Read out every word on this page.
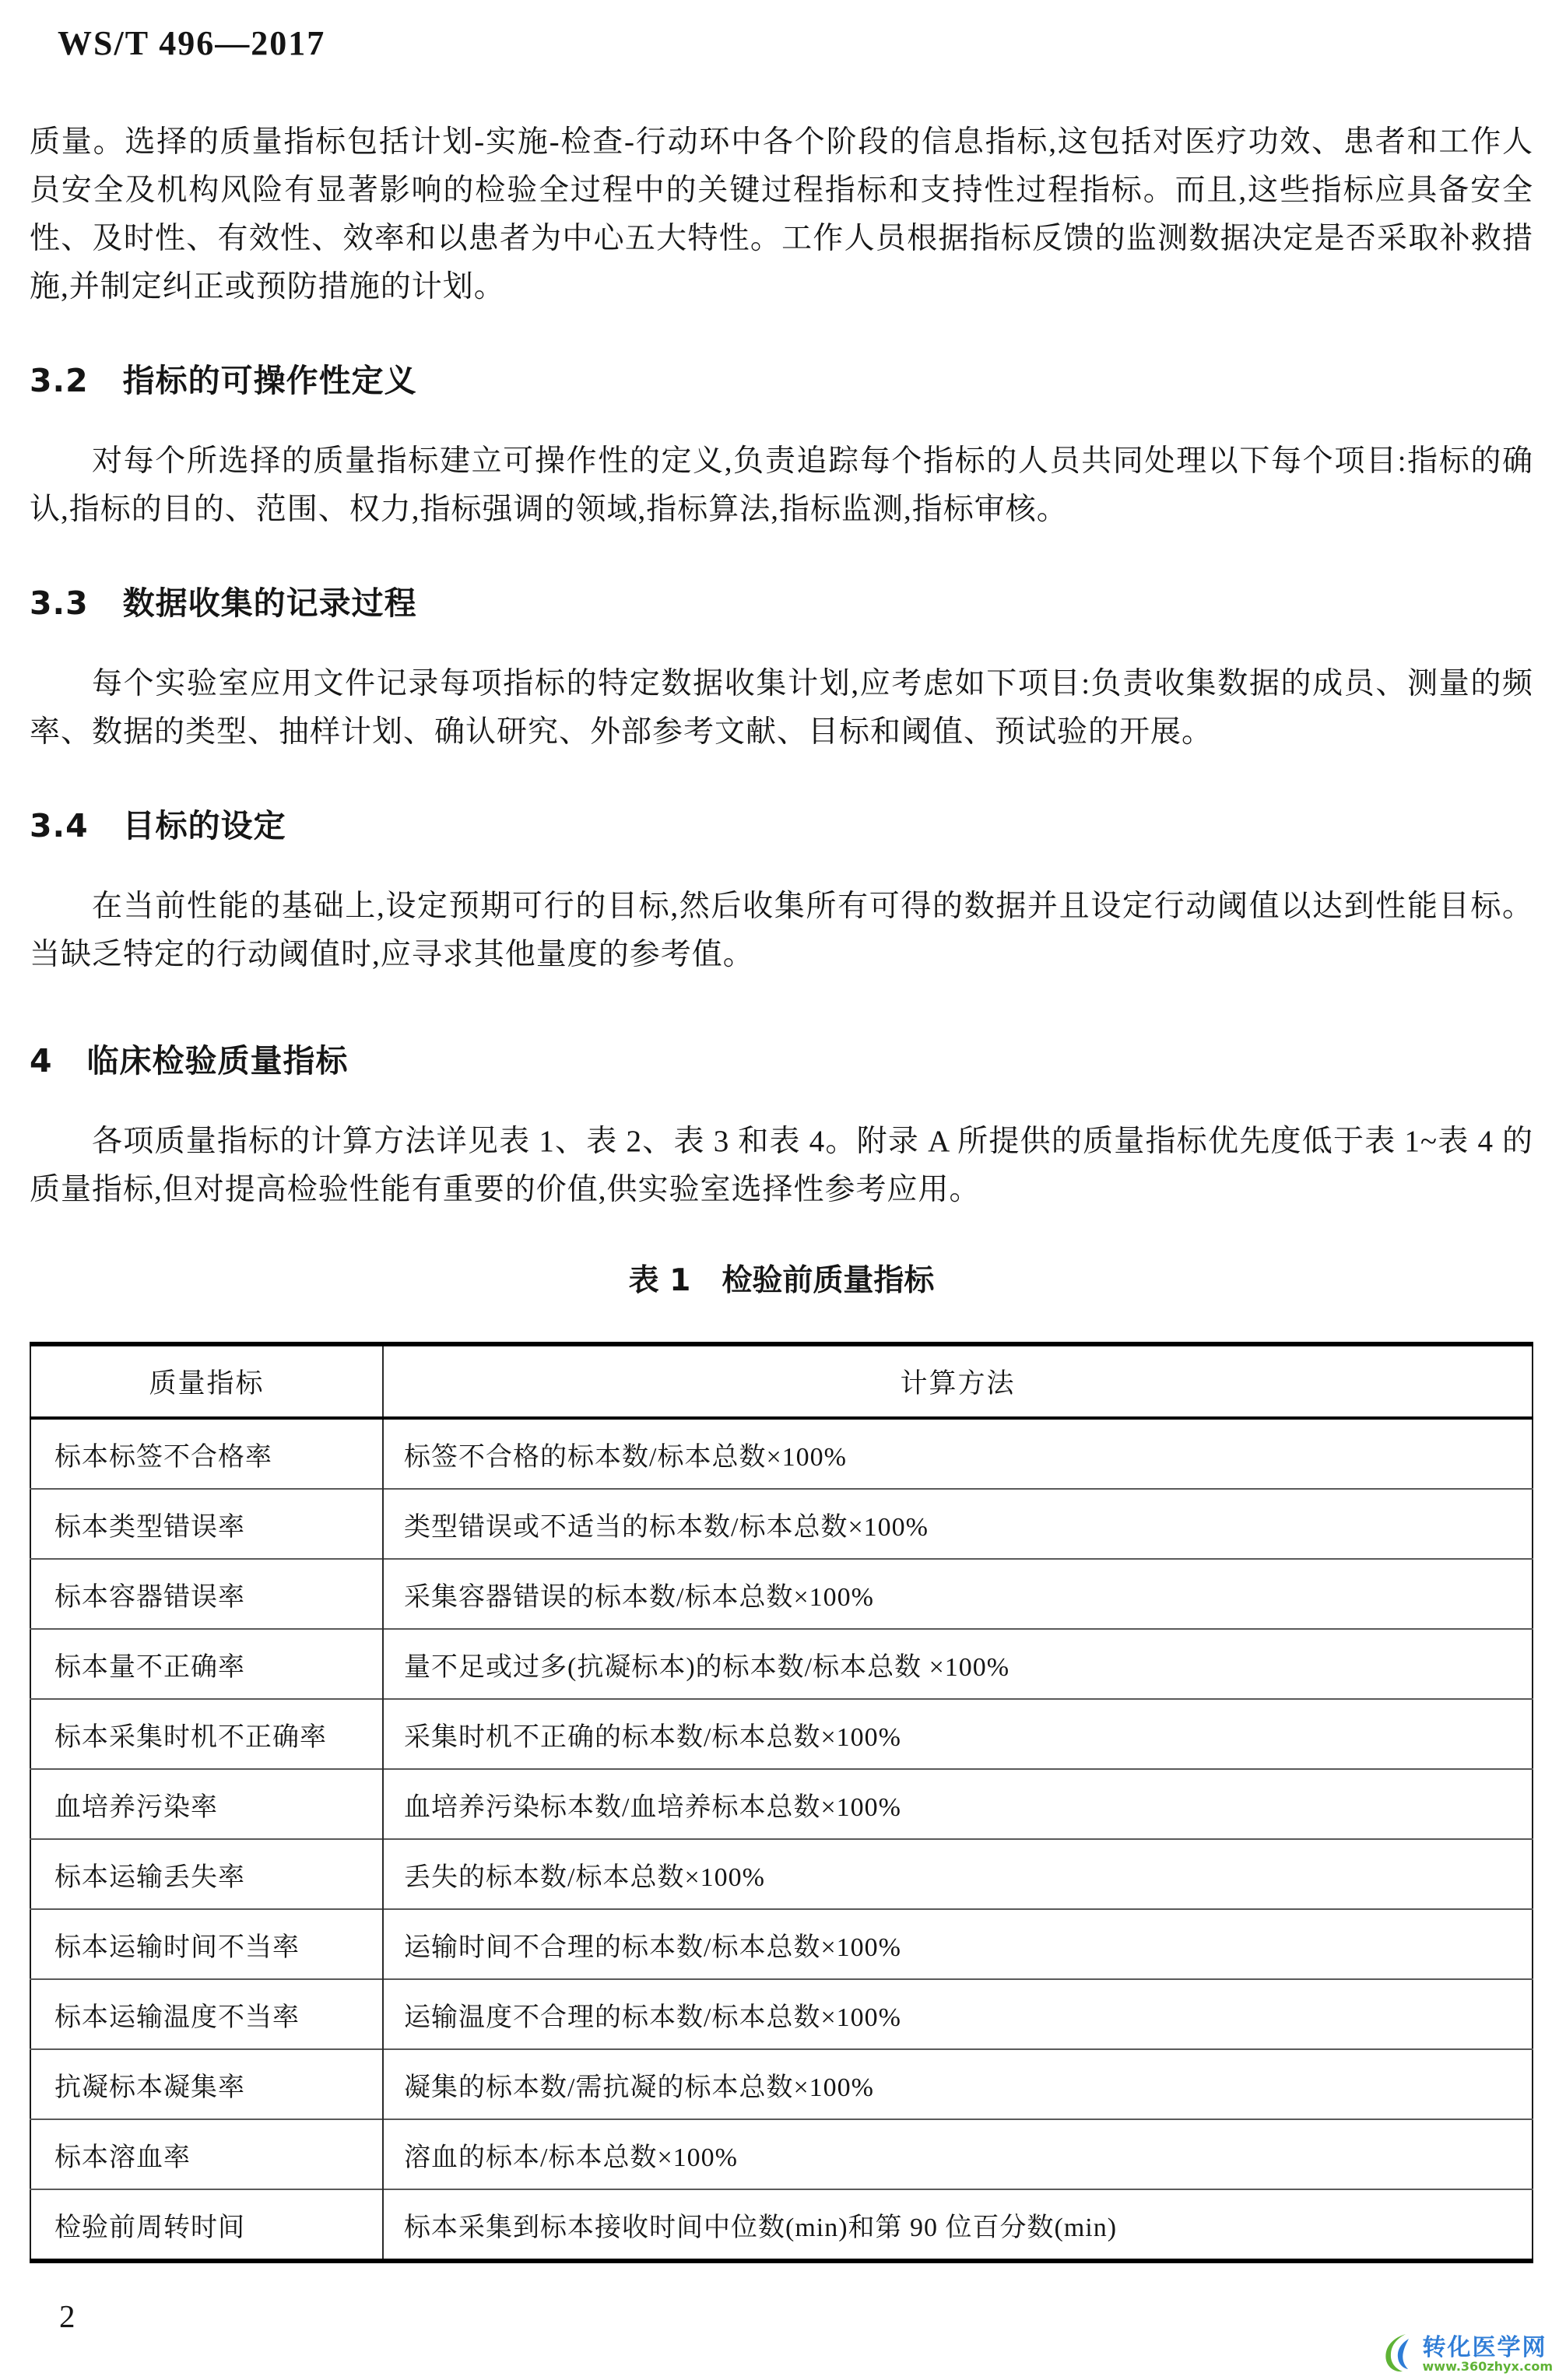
WS/T 496—2017

质量。选择的质量指标包括计划-实施-检查-行动环中各个阶段的信息指标,这包括对医疗功效、患者和工作人员安全及机构风险有显著影响的检验全过程中的关键过程指标和支持性过程指标。而且,这些指标应具备安全性、及时性、有效性、效率和以患者为中心五大特性。工作人员根据指标反馈的监测数据决定是否采取补救措施,并制定纠正或预防措施的计划。

3.2 指标的可操作性定义

对每个所选择的质量指标建立可操作性的定义,负责追踪每个指标的人员共同处理以下每个项目:指标的确认,指标的目的、范围、权力,指标强调的领域,指标算法,指标监测,指标审核。

3.3 数据收集的记录过程

每个实验室应用文件记录每项指标的特定数据收集计划,应考虑如下项目:负责收集数据的成员、测量的频率、数据的类型、抽样计划、确认研究、外部参考文献、目标和阈值、预试验的开展。

3.4 目标的设定

在当前性能的基础上,设定预期可行的目标,然后收集所有可得的数据并且设定行动阈值以达到性能目标。当缺乏特定的行动阈值时,应寻求其他量度的参考值。

4 临床检验质量指标

各项质量指标的计算方法详见表 1、表 2、表 3 和表 4。附录 A 所提供的质量指标优先度低于表 1~表 4 的质量指标,但对提高检验性能有重要的价值,供实验室选择性参考应用。

表 1 检验前质量指标
质量指标	计算方法
标本标签不合格率	标签不合格的标本数/标本总数×100%
标本类型错误率	类型错误或不适当的标本数/标本总数×100%
标本容器错误率	采集容器错误的标本数/标本总数×100%
标本量不正确率	量不足或过多(抗凝标本)的标本数/标本总数 ×100%
标本采集时机不正确率	采集时机不正确的标本数/标本总数×100%
血培养污染率	血培养污染标本数/血培养标本总数×100%
标本运输丢失率	丢失的标本数/标本总数×100%
标本运输时间不当率	运输时间不合理的标本数/标本总数×100%
标本运输温度不当率	运输温度不合理的标本数/标本总数×100%
抗凝标本凝集率	凝集的标本数/需抗凝的标本总数×100%
标本溶血率	溶血的标本/标本总数×100%
检验前周转时间	标本采集到标本接收时间中位数(min)和第 90 位百分数(min)
2
转化医学网
www.360zhyx.com
